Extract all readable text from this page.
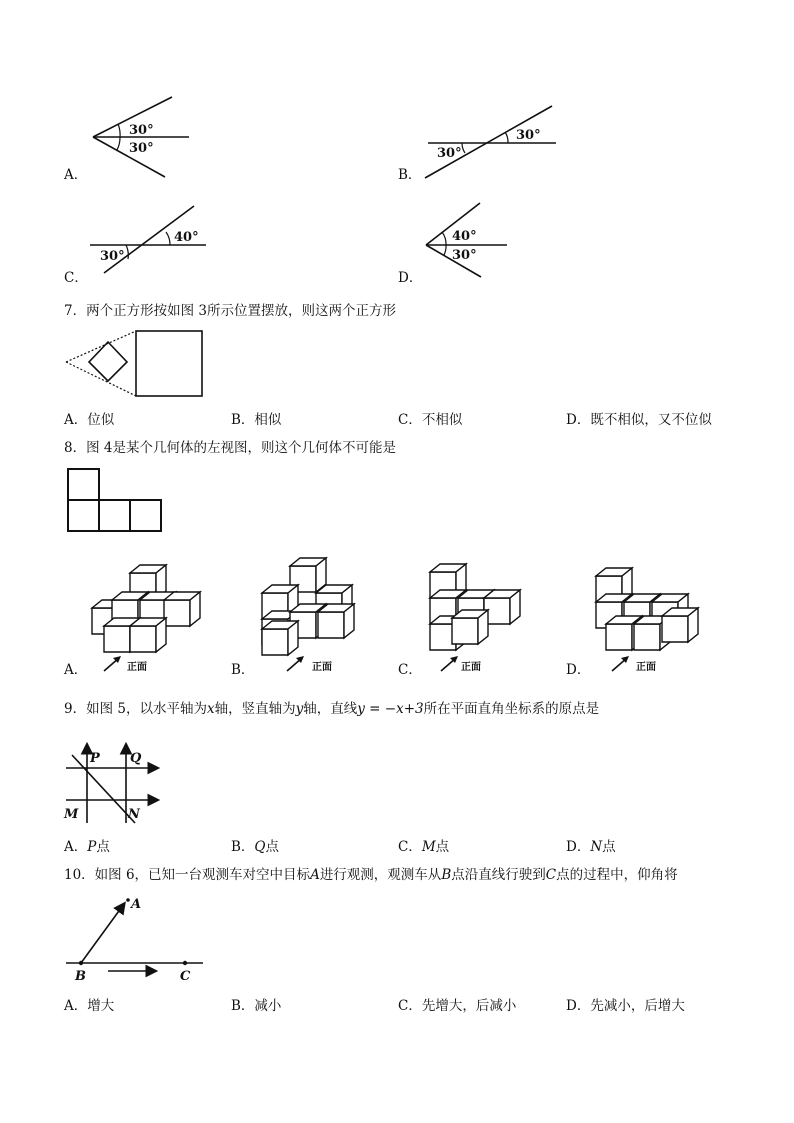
A．
30°
30°
B．
30°
30°
C．
40°
30°
D．
40°
30°
7．两个正方形按如图 3所示位置摆放，则这两个正方形
A．位似	B．相似	C．不相似	D．既不相似，又不位似
8．图 4是某个几何体的左视图，则这个几何体不可能是
A．	B．	C．	D．
正面	正面	正面	正面
9．如图 5，以水平轴为x轴，竖直轴为y轴，直线y = −x+3所在平面直角坐标系的原点是
P Q
M	N
A．P点	B．Q点	C．M点	D．N点
10．如图 6，已知一台观测车对空中目标A进行观测，观测车从B点沿直线行驶到C点的过程中，仰角将
A
B	C
A．增大	B．减小	C．先增大，后减小	D．先减小，后增大
